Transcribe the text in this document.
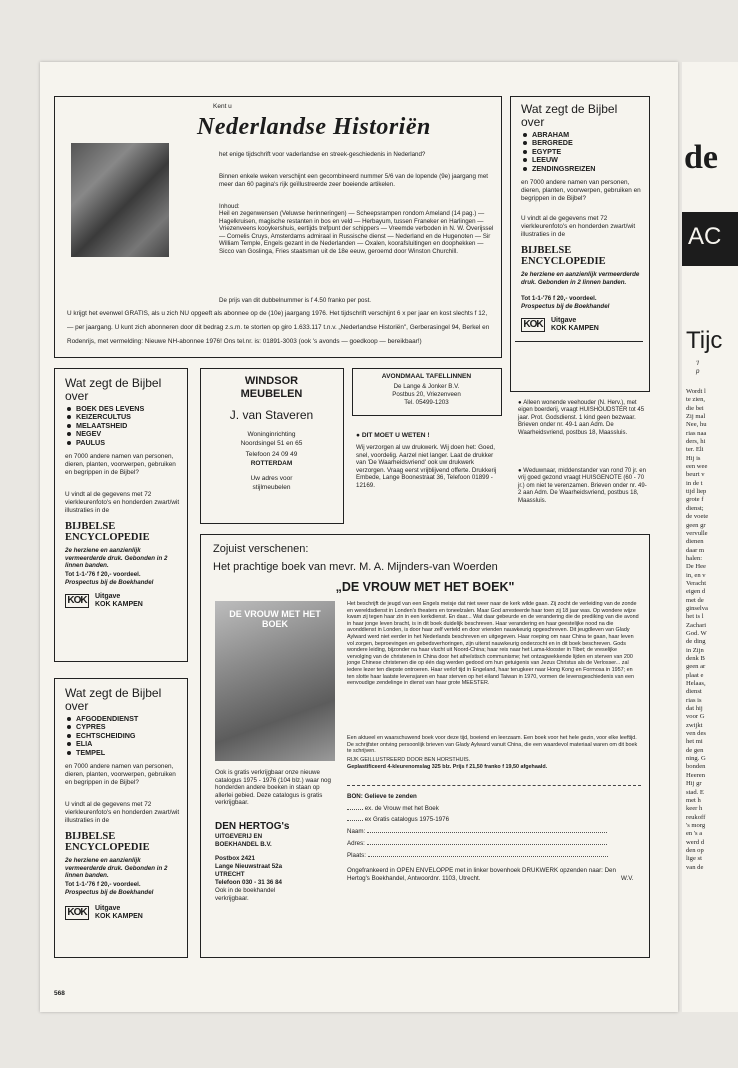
Kent u
Nederlandse Historiën
het enige tijdschrift voor vaderlandse en streek-geschiedenis in Nederland?
Binnen enkele weken verschijnt een gecombineerd nummer 5/6 van de lopende (9e) jaargang met meer dan 60 pagina's rijk geïllustreerde zeer boeiende artikelen.
Inhoud:
Heil en zegenwensen (Veluwse herinneringen) — Scheepsrampen rondom Ameland (14 pag.) — Hagelkruisen, magische restanten in bos en veld — Herbayum, tussen Franeker en Harlingen — Vriezenveens kooykershuis, eertijds trefpunt der schippers — Vreemde verboden in N. W. Overijssel — Cornelis Cruys, Amsterdams admiraal in Russische dienst — Nederland en de Hugenoten — Sir William Temple, Engels gezant in de Nederlanden — Oxalen, koorafsluitingen en doophekken — Sicco van Goslinga, Fries staatsman uit de 18e eeuw, geroemd door Winston Churchill.
De prijs van dit dubbelnummer is f 4.50 franko per post.
U krijgt het evenwel GRATIS, als u zich NU opgeeft als abonnee op de (10e) jaargang 1976. Het tijdschrift verschijnt 6 x per jaar en kost slechts f 12,— per jaargang. U kunt zich abonneren door dit bedrag z.s.m. te storten op giro 1.633.117 t.n.v. „Nederlandse Historiën", Gerberasingel 94, Berkel en Rodenrijs, met vermelding: Nieuwe NH-abonnee 1976! Ons tel.nr. is: 01891-3003 (ook 's avonds — goedkoop — bereikbaar!)
Wat zegt de Bijbel over
ABRAHAM
BERGREDE
EGYPTE
LEEUW
ZENDINGSREIZEN
en 7000 andere namen van personen, dieren, planten, voorwerpen, gebruiken en begrippen in de Bijbel?
U vindt al de gegevens met 72 vierkleurenfoto's en honderden zwart/wit illustraties in de
BIJBELSE
ENCYCLOPEDIE
2e herziene en aanzienlijk vermeerderde druk. Gebonden in 2 linnen banden.
Tot 1-1-'76 f 20,- voordeel.
Prospectus bij de Boekhandel
KOK	Uitgave
KOK KAMPEN
● Alleen wonende veehouder (N. Herv.), met eigen boerderij, vraagt HUISHOUDSTER tot 45 jaar. Prot. Godsdienst. 1 kind geen bezwaar. Brieven onder nr. 49-1 aan Adm. De Waarheidsvriend, postbus 18, Maassluis.
● Weduwnaar, middenstander van rond 70 jr. en vrij goed gezond vraagt HUISGENOTE (60 - 70 jr.) om niet te verenzamen. Brieven onder nr. 49-2 aan Adm. De Waarheidsvriend, postbus 18, Maassluis.
Wat zegt de Bijbel over
BOEK DES LEVENS
KEIZERCULTUS
MELAATSHEID
NEGEV
PAULUS
en 7000 andere namen van personen, dieren, planten, voorwerpen, gebruiken en begrippen in de Bijbel?
U vindt al de gegevens met 72 vierkleurenfoto's en honderden zwart/wit illustraties in de
BIJBELSE
ENCYCLOPEDIE
2e herziene en aanzienlijk vermeerderde druk. Gebonden in 2 linnen banden.
Tot 1-1-'76 f 20,- voordeel.
Prospectus bij de Boekhandel
KOK	Uitgave
KOK KAMPEN
Wat zegt de Bijbel over
AFGODENDIENST
CYPRES
ECHTSCHEIDING
ELIA
TEMPEL
en 7000 andere namen van personen, dieren, planten, voorwerpen, gebruiken en begrippen in de Bijbel?
U vindt al de gegevens met 72 vierkleurenfoto's en honderden zwart/wit illustraties in de
BIJBELSE
ENCYCLOPEDIE
2e herziene en aanzienlijk vermeerderde druk. Gebonden in 2 linnen banden.
Tot 1-1-'76 f 20,- voordeel.
Prospectus bij de Boekhandel
KOK	Uitgave
KOK KAMPEN
WINDSOR
MEUBELEN
J. van Staveren
Woninginrichting
Noordsingel 51 en 65
Telefoon 24 09 49
ROTTERDAM
Uw adres voor
stijlmeubelen
AVONDMAAL TAFELLINNEN
De Lange & Jonker B.V.
Postbus 20, Vriezenveen
Tel. 05499-1203
● DIT MOET U WETEN !
Wij verzorgen al uw drukwerk. Wij doen het: Goed, snel, voordelig. Aarzel niet langer. Laat de drukker van 'De Waarheidsvriend' ook uw drukwerk verzorgen. Vraag eerst vrijblijvend offerte. Drukkerij Embede, Lange Boonestraat 36, Telefoon 01899 - 12169.
Zojuist verschenen:
Het prachtige boek van mevr. M. A. Mijnders-van Woerden
„DE VROUW MET HET BOEK"
DE VROUW MET HET BOEK
Ook is gratis verkrijgbaar onze nieuwe catalogus 1975 - 1976 (104 blz.) waar nog honderden andere boeken in staan op allerlei gebied. Deze catalogus is gratis verkrijgbaar.
DEN HERTOG's
UITGEVERIJ EN
BOEKHANDEL B.V.
Postbox 2421
Lange Nieuwstraat 52a
UTRECHT
Telefoon 030 - 31 36 84
Ook in de boekhandel
verkrijgbaar.
Het beschrijft de jeugd van een Engels meisje dat niet weer naar de kerk wilde gaan. Zij zocht de verleiding van de zonde en wereldsdienst in Londen's theaters en toneelzalen. Maar God arresteerde haar toen zij 18 jaar was. Op wondere wijze kwam zij tegen haar zin in een kerkdienst. En daar... Wat daar gebeurde en de verandering die de prediking van die avond in haar jonge leven bracht, is in dit boek duidelijk beschreven. Haar verandering en haar geestelijke nood na die avonddienst in Londen, is door haar zelf verteld en door vrienden nauwkeurig opgeschreven. Dit jeugdleven van Glady Aylward werd niet eerder in het Nederlands beschreven en uitgegeven. Haar roeping om naar China te gaan, haar leven vol zorgen, beproevingen en gebedsverhoringen, zijn uiterst nauwkeurig onderzocht en in dit boek beschreven. Gods wondere leiding, bijzonder na haar vlucht uit Noord-China; haar reis naar het Lama-klooster in Tibet; de vreselijke vervolging van de christenen in China door het atheïstisch communisme; het ontzagwekkende lijden en sterven van 200 jonge Chinese christenen die op één dag werden gedood om hun getuigenis van Jezus Christus als de Verlosser... zal iedere lezer ten diepste ontroeren. Haar verlof tijd in Engeland, haar terugkeer naar Hong Kong en Formosa in 1957; en ten slotte haar laatste levensjaren en haar sterven op het eiland Taiwan in 1970, vormen de levensgeschiedenis van een eenvoudige zendelinge in dienst van haar grote MEESTER.
Een aktueel en waarschuwend boek voor deze tijd, boeiend en leerzaam. Een boek voor het hele gezin, voor elke leeftijd. De schrijfster ontving persoonlijk brieven van Glady Aylward vanuit China, die een waardevol materiaal waren om dit boek te schrijven.
RIJK GEILLUSTREERD DOOR BEN HORSTHUIS.
Geplastificeerd 4-kleurenomslag 325 blz. Prijs f 21,50 franko f 19,50 afgehaald.
BON: Gelieve te zenden
ex. de Vrouw met het Boek
ex Gratis catalogus 1975-1976
Naam:
Adres:
Plaats:
Ongefrankeerd in OPEN ENVELOPPE met in linker bovenhoek DRUKWERK opzenden naar: Den Hertog's Boekhandel, Antwoordnr. 1103, Utrecht.	W.V.
568
de
AC
Tijc
'I
p
Wordt l
te zien,
die bei
Zij mal
Nee, hu
rias naa
ders, hi
ter. Eli
Hij is
een wee
beurt v
in de t
tijd liep
grote f
dienst;
de voete
geen gr
vervulle
dienen
daar m
halen:
De Hee
in, en v
Veracht
eigen d
met de
ginselva
het is l
Zachari
God. W
de ding
in Zijn
denk B
geen ar
plaat e
Helaas,
dienst
rias is
dat hij
voor G
zwijkt
ven des
het mi
de gen
ning. G
bonden
Heeren
Hij gr
stad. E
met h
keer h
reukoff
's morg
en 's a
werd d
den op
lige st
van de
